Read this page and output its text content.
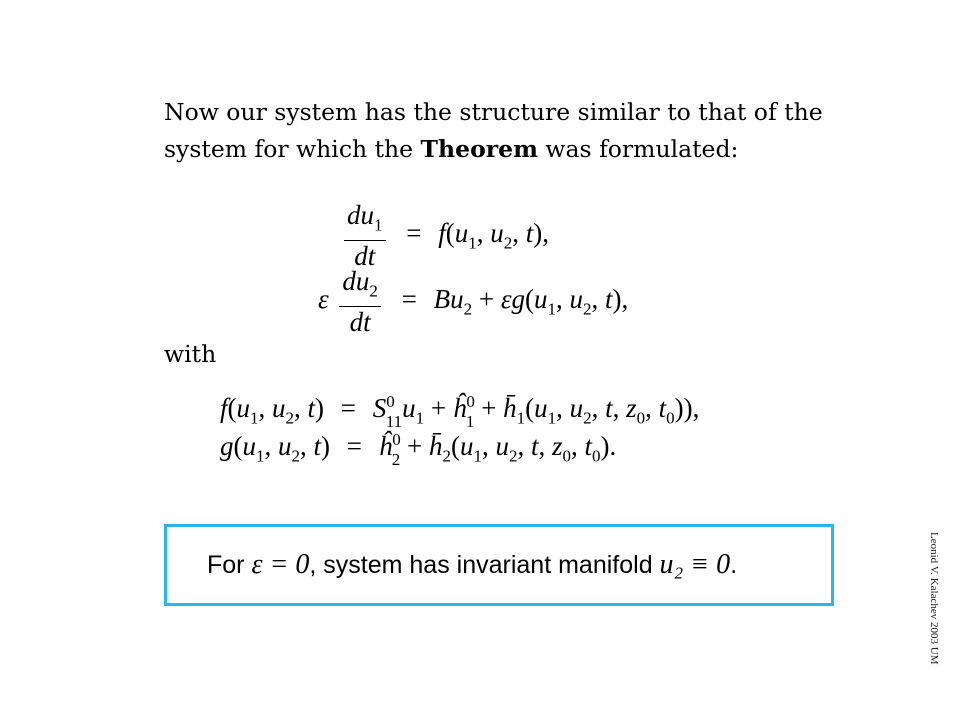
Now our system has the structure similar to that of the system for which the Theorem was formulated:
$\frac{du_1}{dt} = f(u_1$, $u_2$, t),
ε $\frac{du_2}{dt} = Bu_2 + \varepsilon g(u_1$, $u_2$, t),
with
$f(u_1$, $u_2$, $t) = S^0_{11}u_1$ + $ĥ^0_1$ + $h̄_1(u_1$, $u_2$, t, $z_0$, $t_0$)),
$g(u_1$, $u_2$, $t) = ĥ^0_2$ + $h̄_2(u_1$, $u_2$, t, $z_0$, $t_0$).
For ε = 0, system has invariant manifold u₂ ≡ 0.	Leonid V. Kalachev 2003 UM
